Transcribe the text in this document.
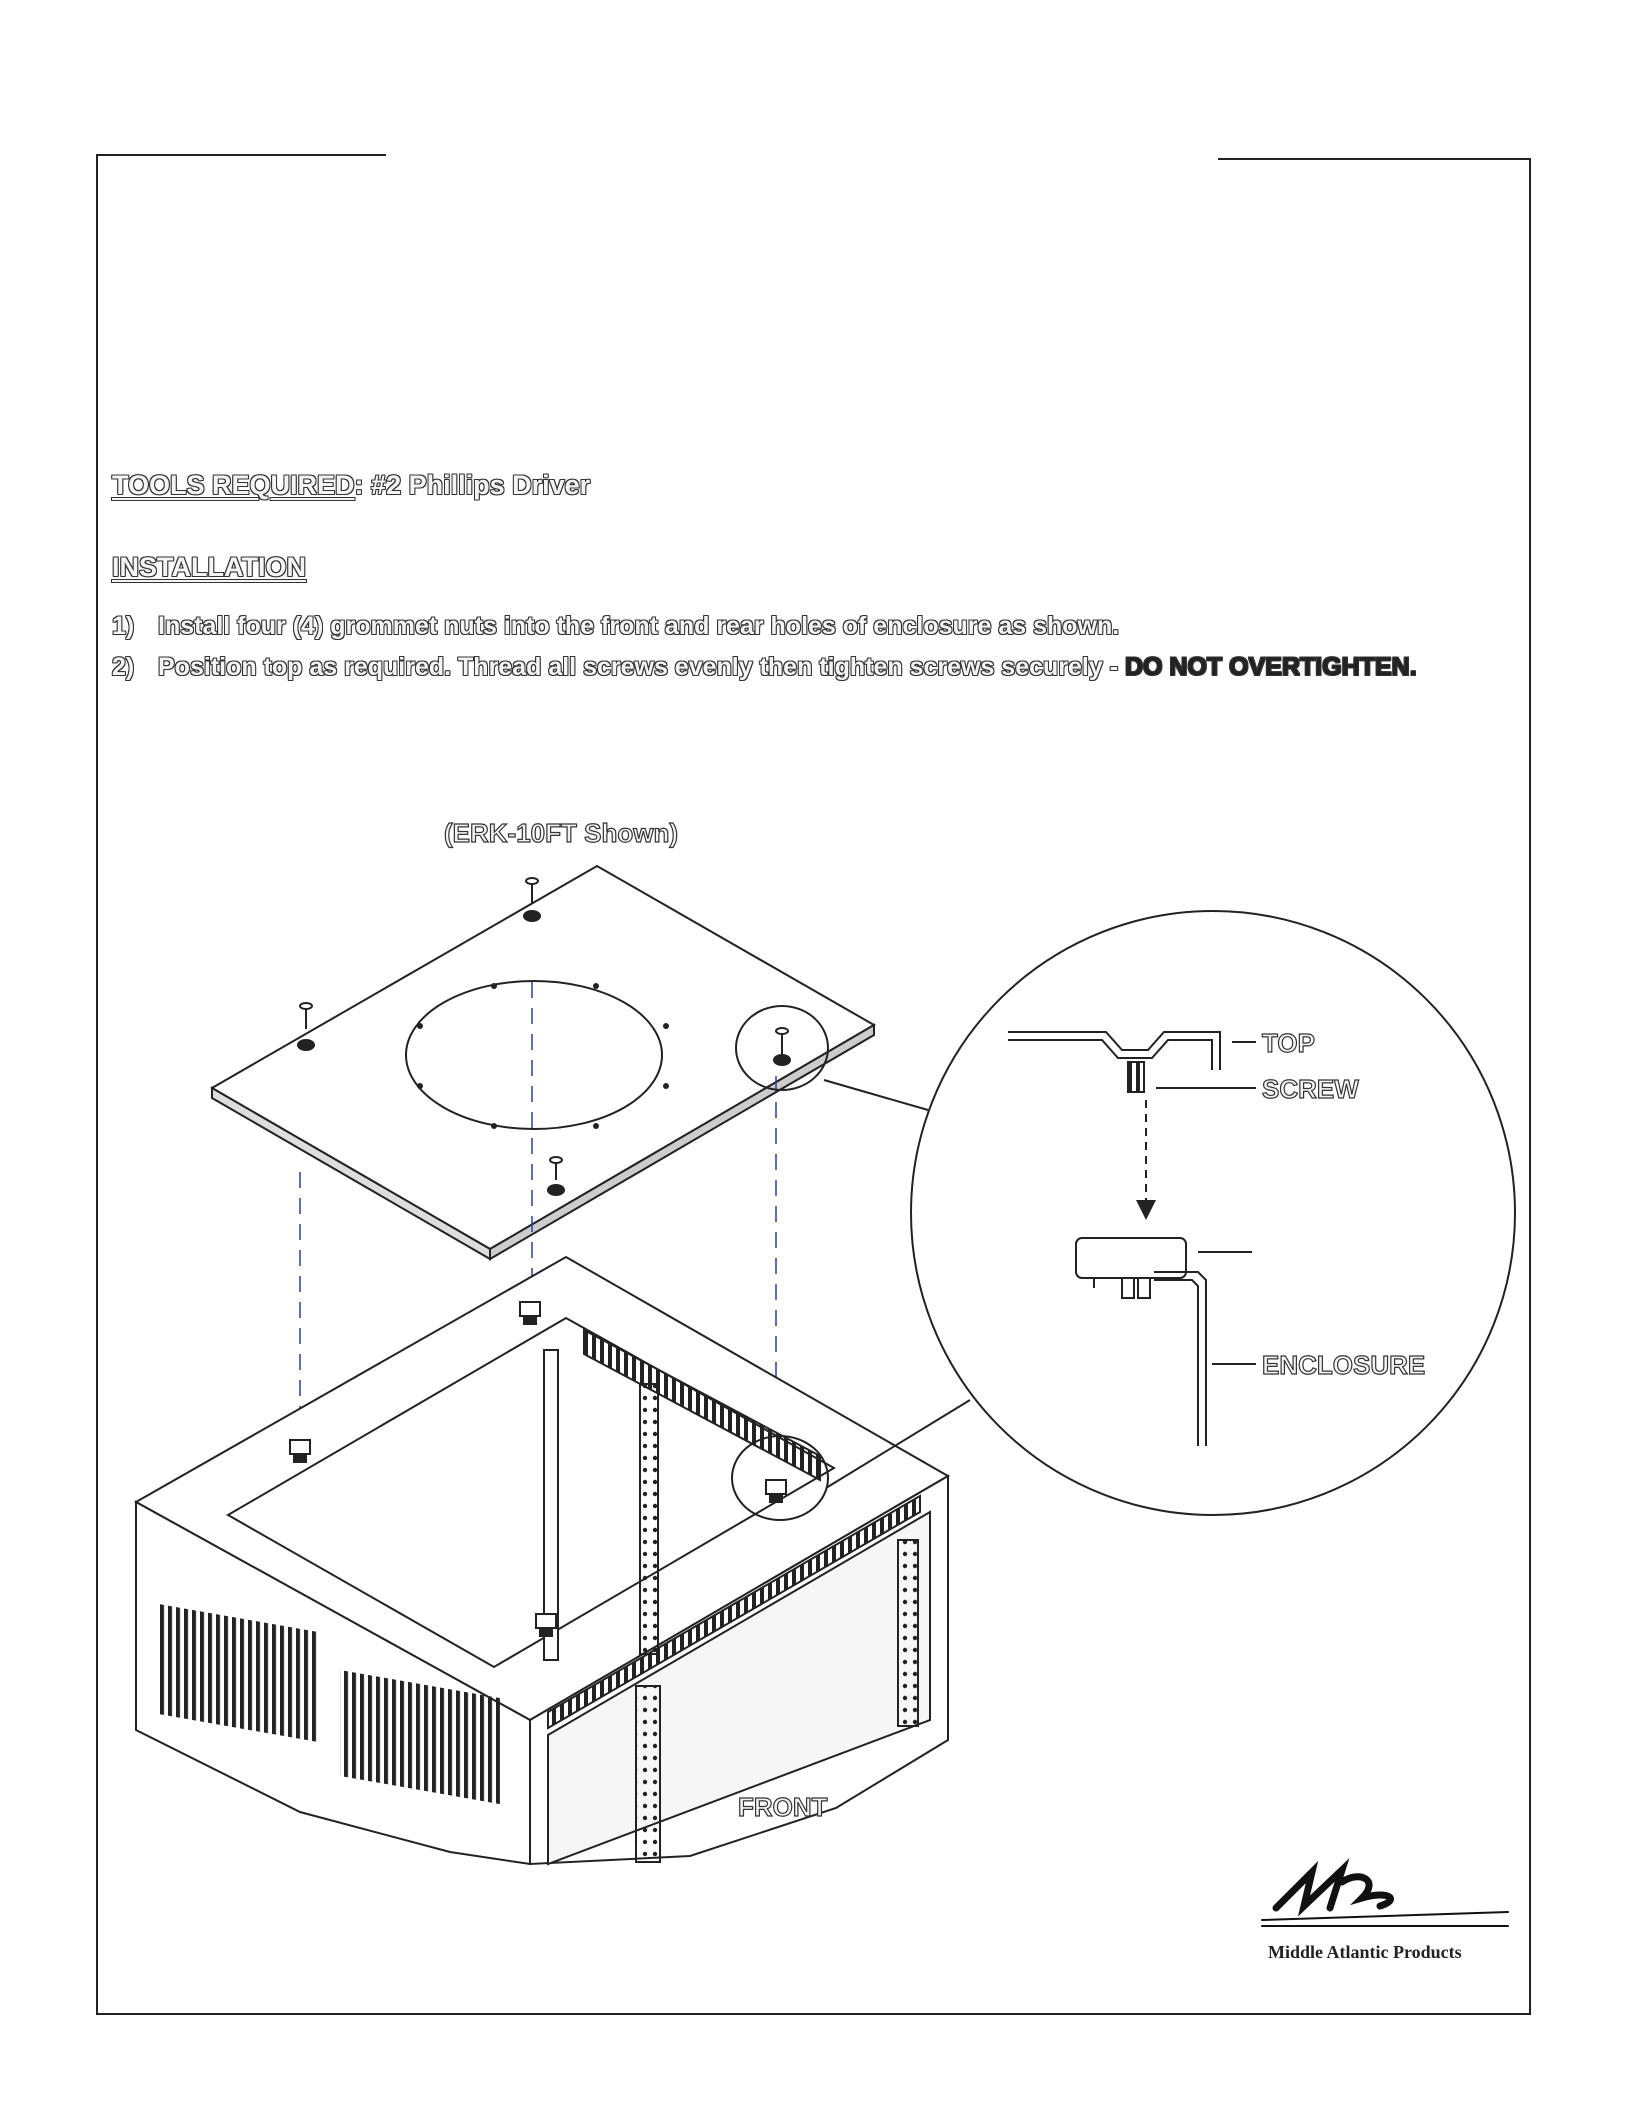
TOOLS REQUIRED: #2 Phillips Driver
INSTALLATION
1) Install four (4) grommet nuts into the front and rear holes of enclosure as shown.
2) Position top as required. Thread all screws evenly then tighten screws securely - DO NOT OVERTIGHTEN.
(ERK-10FT Shown)
FRONT
TOP
SCREW
ENCLOSURE
Middle Atlantic Products
